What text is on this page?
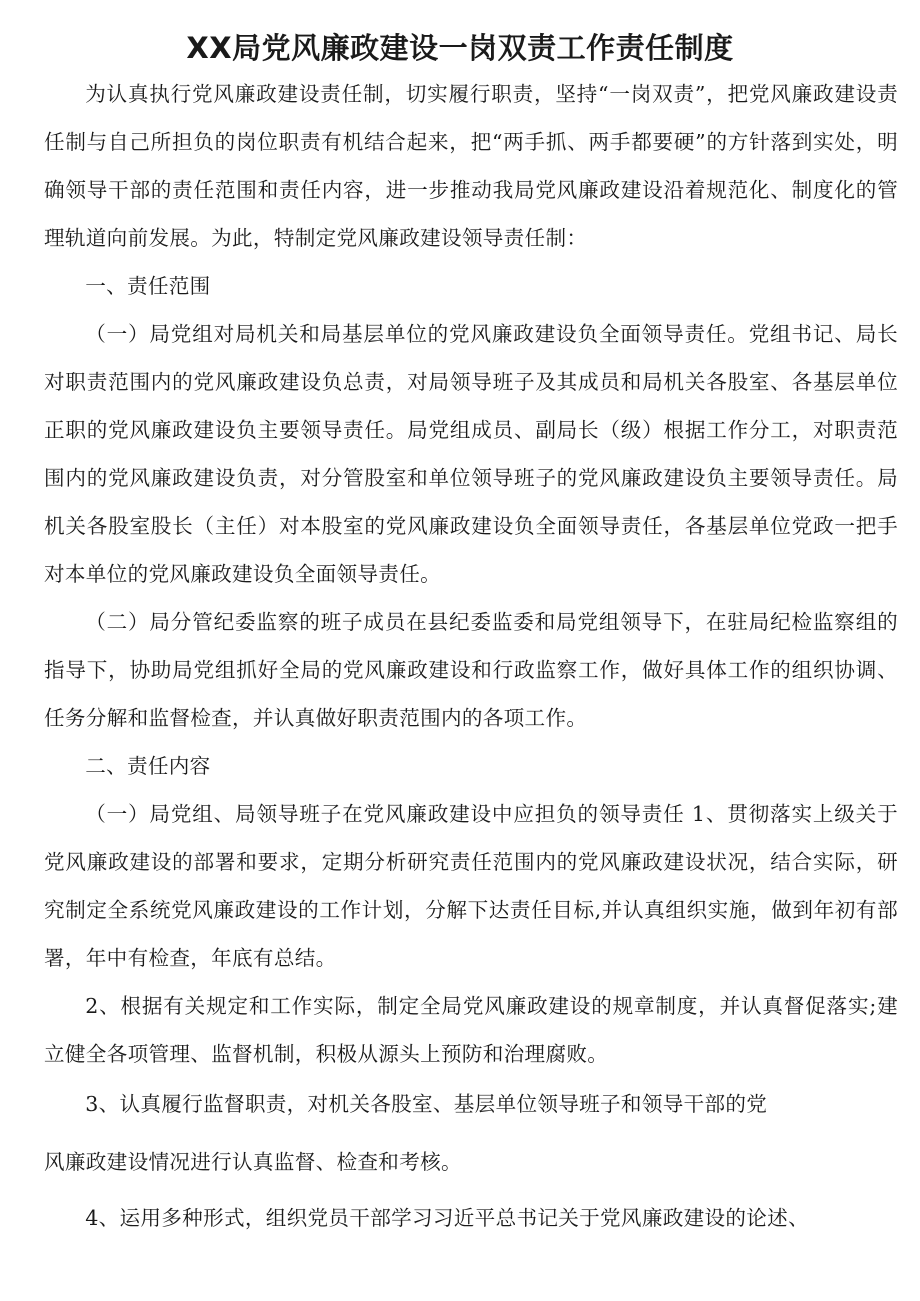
XX局党风廉政建设一岗双责工作责任制度

为认真执行党风廉政建设责任制，切实履行职责，坚持“一岗双责”，把党风廉政建设责任制与自己所担负的岗位职责有机结合起来，把“两手抓、两手都要硬”的方针落到实处，明确领导干部的责任范围和责任内容，进一步推动我局党风廉政建设沿着规范化、制度化的管理轨道向前发展。为此，特制定党风廉政建设领导责任制：

一、责任范围

（一）局党组对局机关和局基层单位的党风廉政建设负全面领导责任。党组书记、局长对职责范围内的党风廉政建设负总责，对局领导班子及其成员和局机关各股室、各基层单位正职的党风廉政建设负主要领导责任。局党组成员、副局长（级）根据工作分工，对职责范围内的党风廉政建设负责，对分管股室和单位领导班子的党风廉政建设负主要领导责任。局机关各股室股长（主任）对本股室的党风廉政建设负全面领导责任，各基层单位党政一把手对本单位的党风廉政建设负全面领导责任。

（二）局分管纪委监察的班子成员在县纪委监委和局党组领导下，在驻局纪检监察组的指导下，协助局党组抓好全局的党风廉政建设和行政监察工作，做好具体工作的组织协调、任务分解和监督检查，并认真做好职责范围内的各项工作。

二、责任内容

（一）局党组、局领导班子在党风廉政建设中应担负的领导责任 1、贯彻落实上级关于党风廉政建设的部署和要求，定期分析研究责任范围内的党风廉政建设状况，结合实际，研究制定全系统党风廉政建设的工作计划，分解下达责任目标,并认真组织实施，做到年初有部署，年中有检查，年底有总结。

2、根据有关规定和工作实际，制定全局党风廉政建设的规章制度，并认真督促落实;建立健全各项管理、监督机制，积极从源头上预防和治理腐败。

3、认真履行监督职责，对机关各股室、基层单位领导班子和领导干部的党

风廉政建设情况进行认真监督、检查和考核。

4、运用多种形式，组织党员干部学习习近平总书记关于党风廉政建设的论述、
